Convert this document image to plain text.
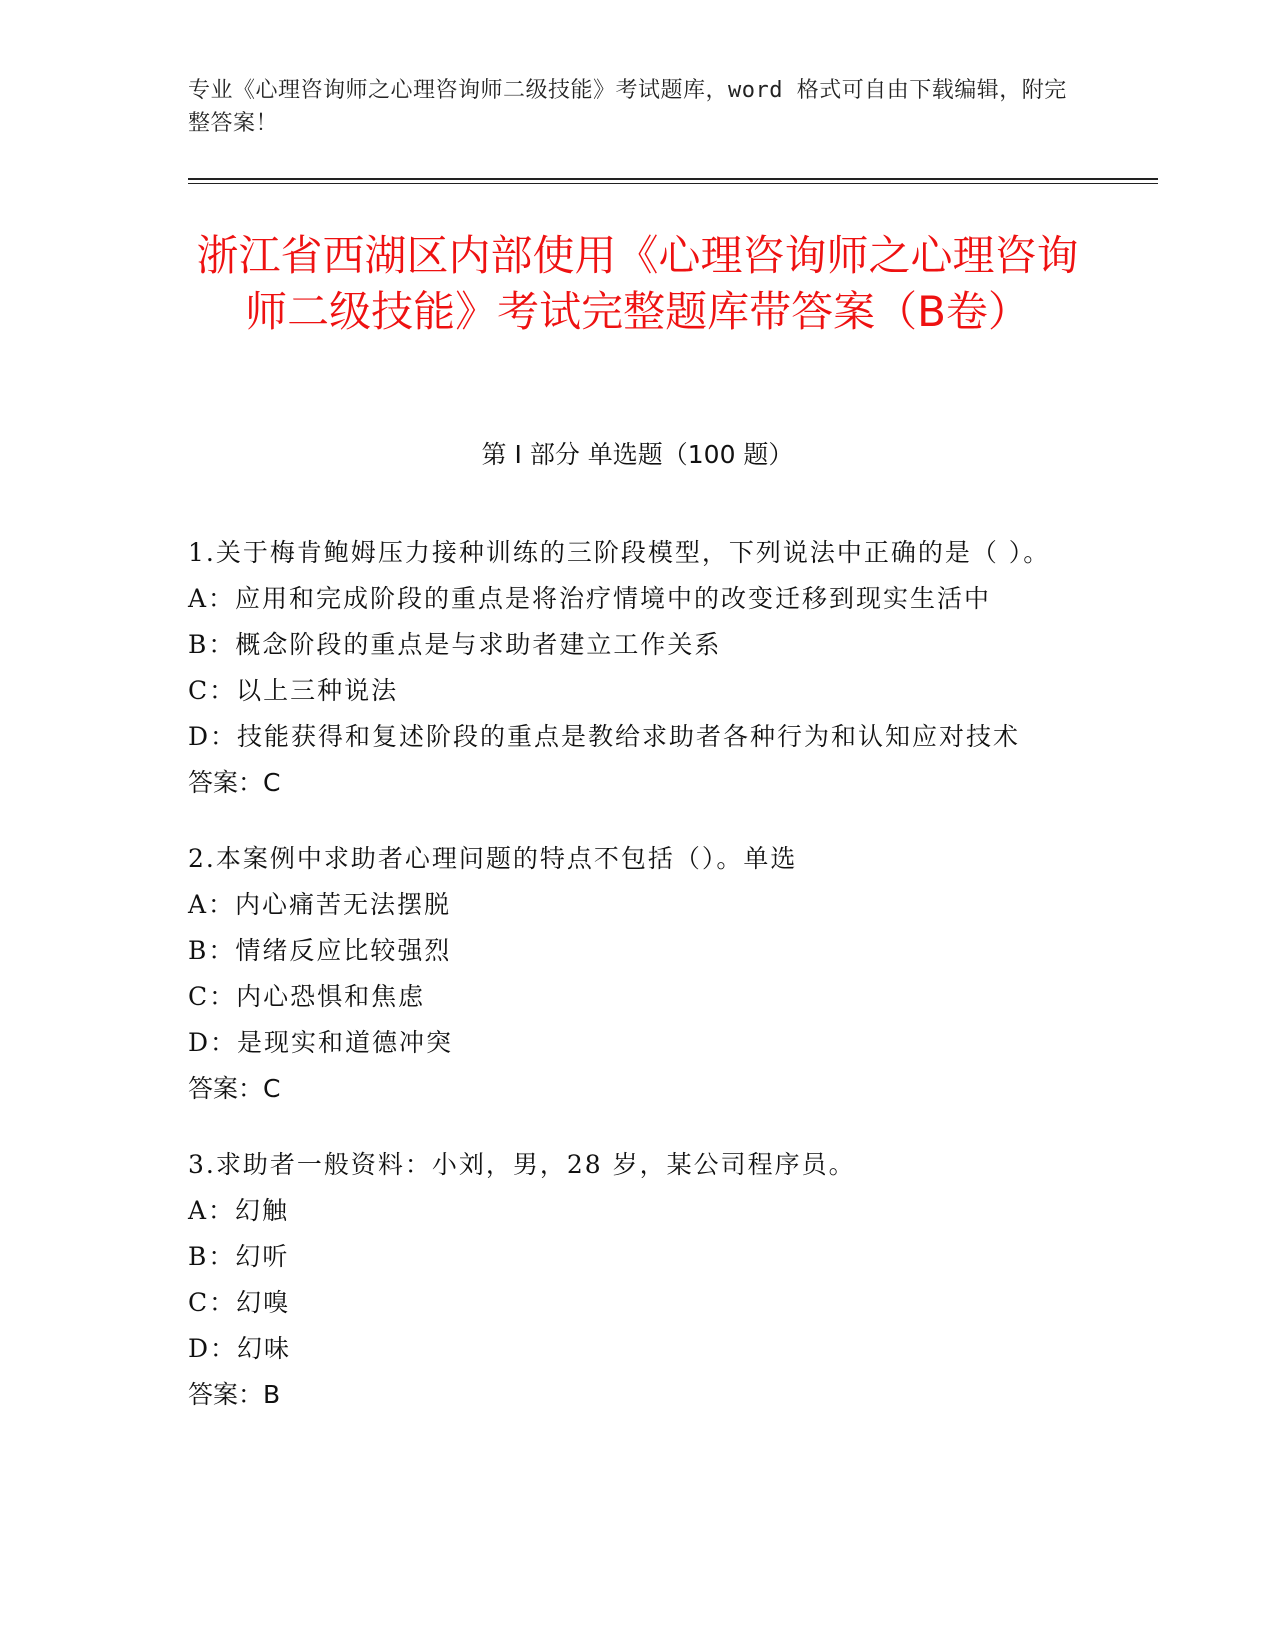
专业《心理咨询师之心理咨询师二级技能》考试题库，word 格式可自由下载编辑，附完整答案！
浙江省西湖区内部使用《心理咨询师之心理咨询师二级技能》考试完整题库带答案（B卷）
第 I 部分 单选题（100 题）

1.关于梅肯鲍姆压力接种训练的三阶段模型，下列说法中正确的是（ ）。

A：应用和完成阶段的重点是将治疗情境中的改变迁移到现实生活中

B：概念阶段的重点是与求助者建立工作关系

C：以上三种说法

D：技能获得和复述阶段的重点是教给求助者各种行为和认知应对技术

答案：C

2.本案例中求助者心理问题的特点不包括（）。单选

A：内心痛苦无法摆脱

B：情绪反应比较强烈

C：内心恐惧和焦虑

D：是现实和道德冲突

答案：C

3.求助者一般资料：小刘，男，28 岁，某公司程序员。

A：幻触

B：幻听

C：幻嗅

D：幻味

答案：B
